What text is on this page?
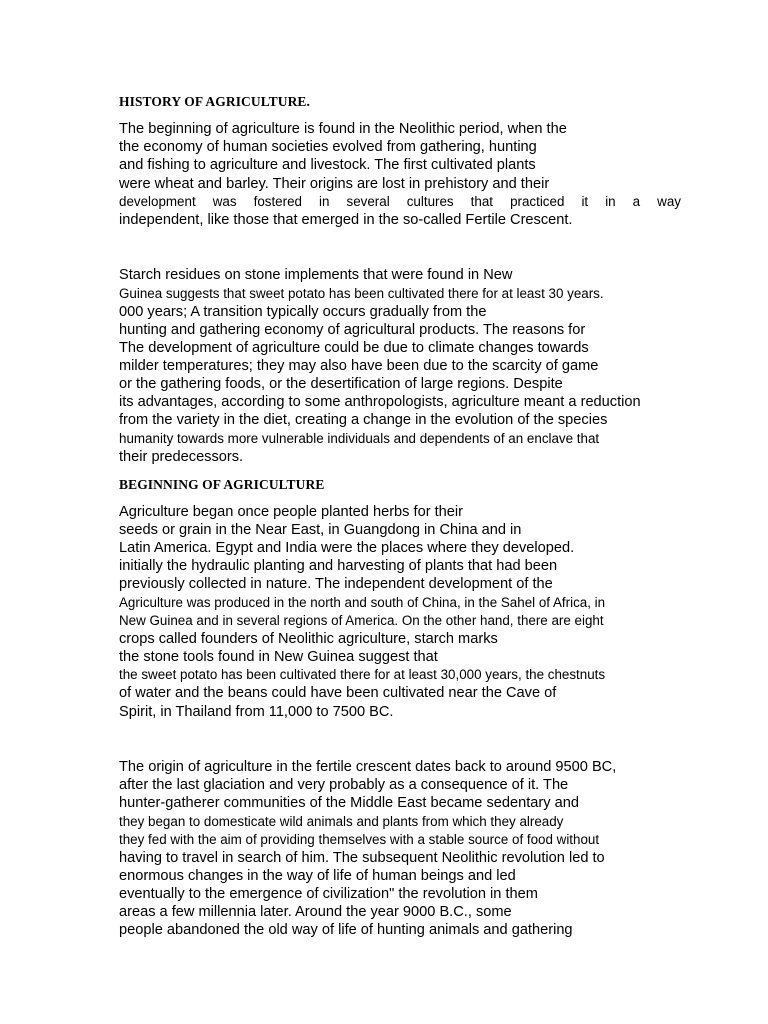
HISTORY OF AGRICULTURE.
The beginning of agriculture is found in the Neolithic period, when the
the economy of human societies evolved from gathering, hunting
and fishing to agriculture and livestock. The first cultivated plants
were wheat and barley. Their origins are lost in prehistory and their
development was fostered in several cultures that practiced it in a way
independent, like those that emerged in the so-called Fertile Crescent.
Starch residues on stone implements that were found in New
Guinea suggests that sweet potato has been cultivated there for at least 30 years.
000 years; A transition typically occurs gradually from the
hunting and gathering economy of agricultural products. The reasons for
The development of agriculture could be due to climate changes towards
milder temperatures; they may also have been due to the scarcity of game
or the gathering foods, or the desertification of large regions. Despite
its advantages, according to some anthropologists, agriculture meant a reduction
from the variety in the diet, creating a change in the evolution of the species
humanity towards more vulnerable individuals and dependents of an enclave that
their predecessors.
BEGINNING OF AGRICULTURE
Agriculture began once people planted herbs for their
seeds or grain in the Near East, in Guangdong in China and in
Latin America. Egypt and India were the places where they developed.
initially the hydraulic planting and harvesting of plants that had been
previously collected in nature. The independent development of the
Agriculture was produced in the north and south of China, in the Sahel of Africa, in
New Guinea and in several regions of America. On the other hand, there are eight
crops called founders of Neolithic agriculture, starch marks
the stone tools found in New Guinea suggest that
the sweet potato has been cultivated there for at least 30,000 years, the chestnuts
of water and the beans could have been cultivated near the Cave of
Spirit, in Thailand from 11,000 to 7500 BC.
The origin of agriculture in the fertile crescent dates back to around 9500 BC,
after the last glaciation and very probably as a consequence of it. The
hunter-gatherer communities of the Middle East became sedentary and
they began to domesticate wild animals and plants from which they already
they fed with the aim of providing themselves with a stable source of food without
having to travel in search of him. The subsequent Neolithic revolution led to
enormous changes in the way of life of human beings and led
eventually to the emergence of civilization" the revolution in them
areas a few millennia later. Around the year 9000 B.C., some
people abandoned the old way of life of hunting animals and gathering
